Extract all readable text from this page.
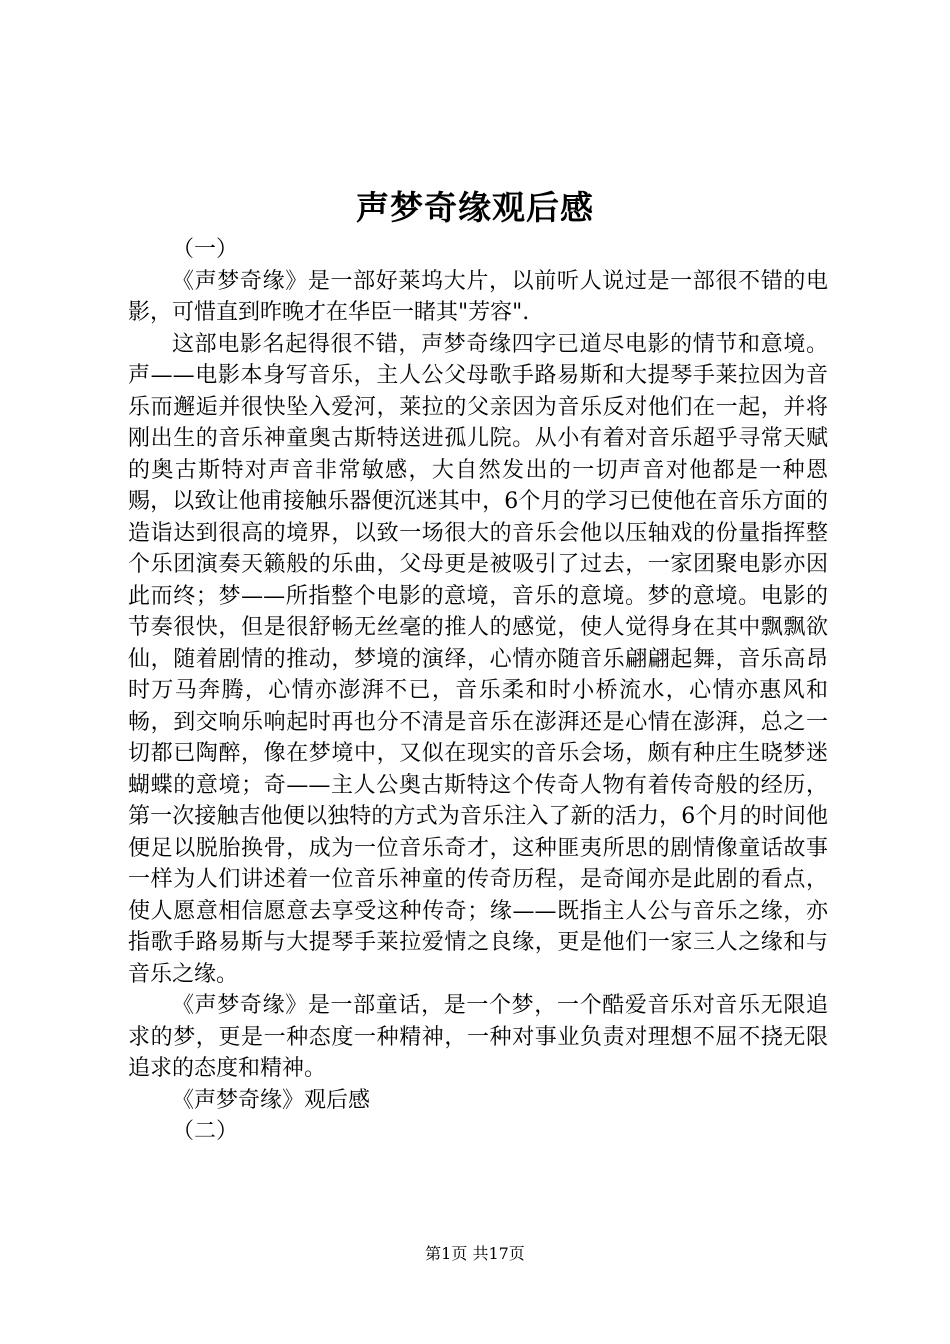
声梦奇缘观后感

（一）

《声梦奇缘》是一部好莱坞大片，以前听人说过是一部很不错的电影，可惜直到昨晚才在华臣一睹其"芳容".

这部电影名起得很不错，声梦奇缘四字已道尽电影的情节和意境。声——电影本身写音乐，主人公父母歌手路易斯和大提琴手莱拉因为音乐而邂逅并很快坠入爱河，莱拉的父亲因为音乐反对他们在一起，并将刚出生的音乐神童奥古斯特送进孤儿院。从小有着对音乐超乎寻常天赋的奥古斯特对声音非常敏感，大自然发出的一切声音对他都是一种恩赐，以致让他甫接触乐器便沉迷其中，6个月的学习已使他在音乐方面的造诣达到很高的境界，以致一场很大的音乐会他以压轴戏的份量指挥整个乐团演奏天籁般的乐曲，父母更是被吸引了过去，一家团聚电影亦因此而终；梦——所指整个电影的意境，音乐的意境。梦的意境。电影的节奏很快，但是很舒畅无丝毫的推人的感觉，使人觉得身在其中飘飘欲仙，随着剧情的推动，梦境的演绎，心情亦随音乐翩翩起舞，音乐高昂时万马奔腾，心情亦澎湃不已，音乐柔和时小桥流水，心情亦惠风和畅，到交响乐响起时再也分不清是音乐在澎湃还是心情在澎湃，总之一切都已陶醉，像在梦境中，又似在现实的音乐会场，颇有种庄生晓梦迷蝴蝶的意境；奇——主人公奥古斯特这个传奇人物有着传奇般的经历，第一次接触吉他便以独特的方式为音乐注入了新的活力，6个月的时间他便足以脱胎换骨，成为一位音乐奇才，这种匪夷所思的剧情像童话故事一样为人们讲述着一位音乐神童的传奇历程，是奇闻亦是此剧的看点，使人愿意相信愿意去享受这种传奇；缘——既指主人公与音乐之缘，亦指歌手路易斯与大提琴手莱拉爱情之良缘，更是他们一家三人之缘和与音乐之缘。

《声梦奇缘》是一部童话，是一个梦，一个酷爱音乐对音乐无限追求的梦，更是一种态度一种精神，一种对事业负责对理想不屈不挠无限追求的态度和精神。

《声梦奇缘》观后感

（二）

第1页 共17页
